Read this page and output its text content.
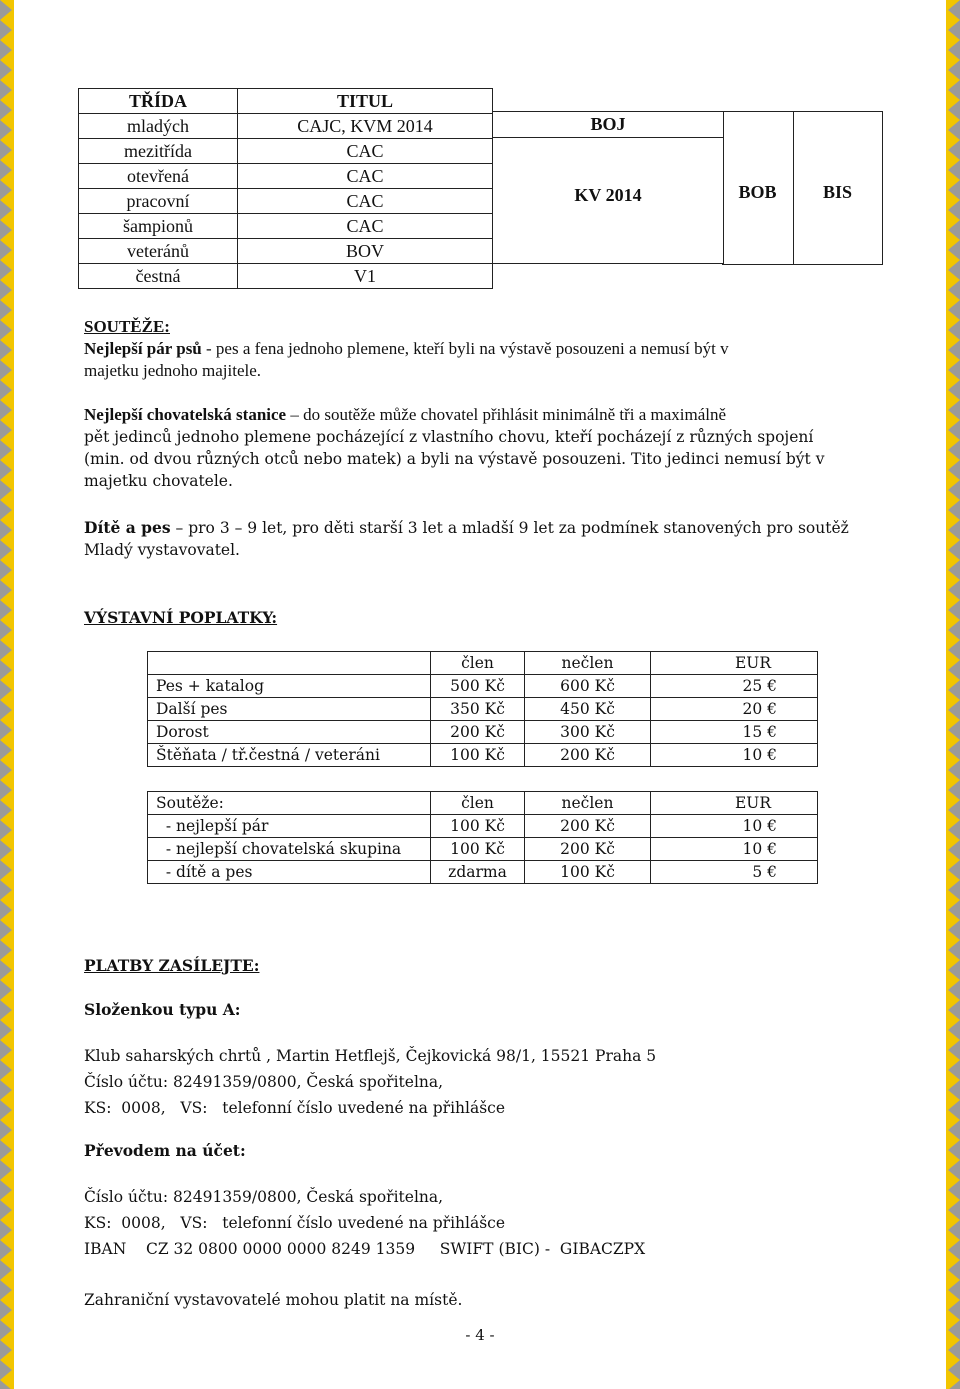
TŘÍDA	TITUL
mladých	CAJC, KVM 2014
mezitřída	CAC
otevřená	CAC
pracovní	CAC
šampionů	CAC
veteránů	BOV
čestná	V1
BOJ
KV 2014	BOB	BIS
SOUTĚŽE:
Nejlepší pár psů - pes a fena jednoho plemene, kteří byli na výstavě posouzeni a nemusí být v
majetku jednoho majitele.
Nejlepší chovatelská stanice – do soutěže může chovatel přihlásit minimálně tři a maximálně
pět jedinců jednoho plemene pocházející z vlastního chovu, kteří pocházejí z různých spojení
(min. od dvou různých otců nebo matek) a byli na výstavě posouzeni. Tito jedinci nemusí být v
majetku chovatele.
Dítě a pes – pro 3 – 9 let, pro děti starší 3 let a mladší 9 let za podmínek stanovených pro soutěž
Mladý vystavovatel.
VÝSTAVNÍ POPLATKY:
	člen	nečlen	EUR
Pes + katalog	500 Kč	600 Kč	25 €
Další pes	350 Kč	450 Kč	20 €
Dorost	200 Kč	300 Kč	15 €
Štěňata / tř.čestná / veteráni	100 Kč	200 Kč	10 €
Soutěže:	člen	nečlen	EUR
- nejlepší pár	100 Kč	200 Kč	10 €
- nejlepší chovatelská skupina	100 Kč	200 Kč	10 €
- dítě a pes	zdarma	100 Kč	5 €
PLATBY ZASÍLEJTE:
Složenkou typu A:
Klub saharských chrtů , Martin Hetflejš, Čejkovická 98/1, 15521 Praha 5
Číslo účtu: 82491359/0800, Česká spořitelna,
KS:  0008,   VS:   telefonní číslo uvedené na přihlášce
Převodem na účet:
Číslo účtu: 82491359/0800, Česká spořitelna,
KS:  0008,   VS:   telefonní číslo uvedené na přihlášce
IBAN    CZ 32 0800 0000 0000 8249 1359     SWIFT (BIC) -  GIBACZPX
Zahraniční vystavovatelé mohou platit na místě.
- 4 -
